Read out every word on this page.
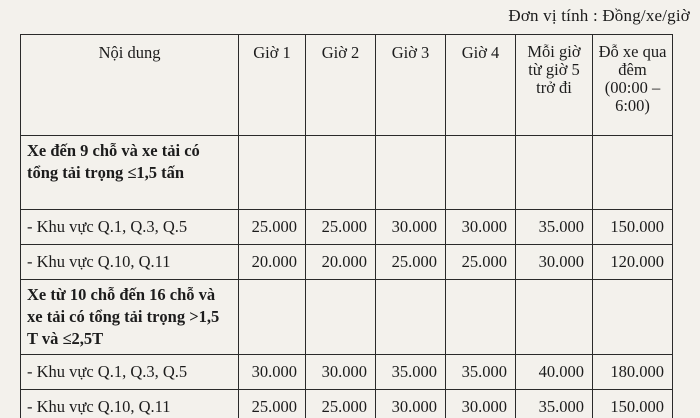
Đơn vị tính : Đồng/xe/giờ
Nội dung	Giờ 1	Giờ 2	Giờ 3	Giờ 4	Mỗi giờ từ giờ 5 trở đi	Đỗ xe qua đêm (00:00 – 6:00)
Xe đến 9 chỗ và xe tải có tổng tải trọng ≤1,5 tấn						
- Khu vực Q.1, Q.3, Q.5	25.000	25.000	30.000	30.000	35.000	150.000
- Khu vực Q.10, Q.11	20.000	20.000	25.000	25.000	30.000	120.000
Xe từ 10 chỗ đến 16 chỗ và xe tải có tổng tải trọng >1,5 T và ≤2,5T						
- Khu vực Q.1, Q.3, Q.5	30.000	30.000	35.000	35.000	40.000	180.000
- Khu vực Q.10, Q.11	25.000	25.000	30.000	30.000	35.000	150.000
